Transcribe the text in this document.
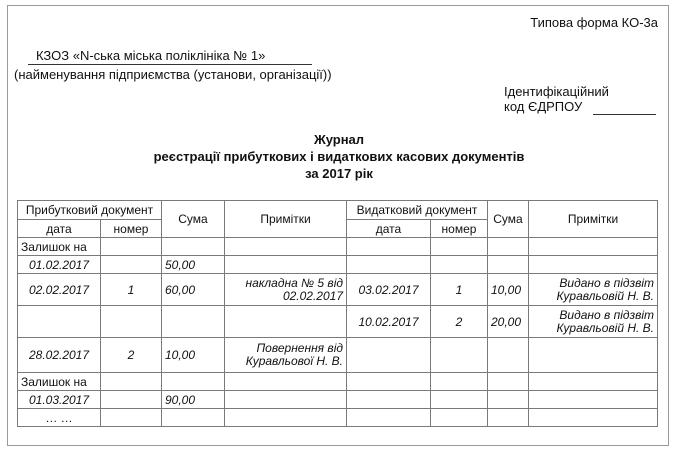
Типова форма КО-3а
КЗОЗ «N-ська міська поліклініка № 1»
(найменування підприємства (установи, організації))
Ідентифікаційний
код ЄДРПОУ
Журнал
реєстрації прибуткових і видаткових касових документів
за 2017 рік
Прибутковий документ		Сума	Примітки	Видатковий документ		Сума	Примітки
дата	номер			дата	номер		
Залишок на							
01.02.2017		50,00					
02.02.2017	1	60,00	накладна № 5 від 02.02.2017	03.02.2017	1	10,00	Видано в підзвіт Куравльовій Н. В.
				10.02.2017	2	20,00	Видано в підзвіт Куравльовій Н. В.
28.02.2017	2	10,00	Повернення від Куравльової Н. В.				
Залишок на							
01.03.2017		90,00					
… …							
